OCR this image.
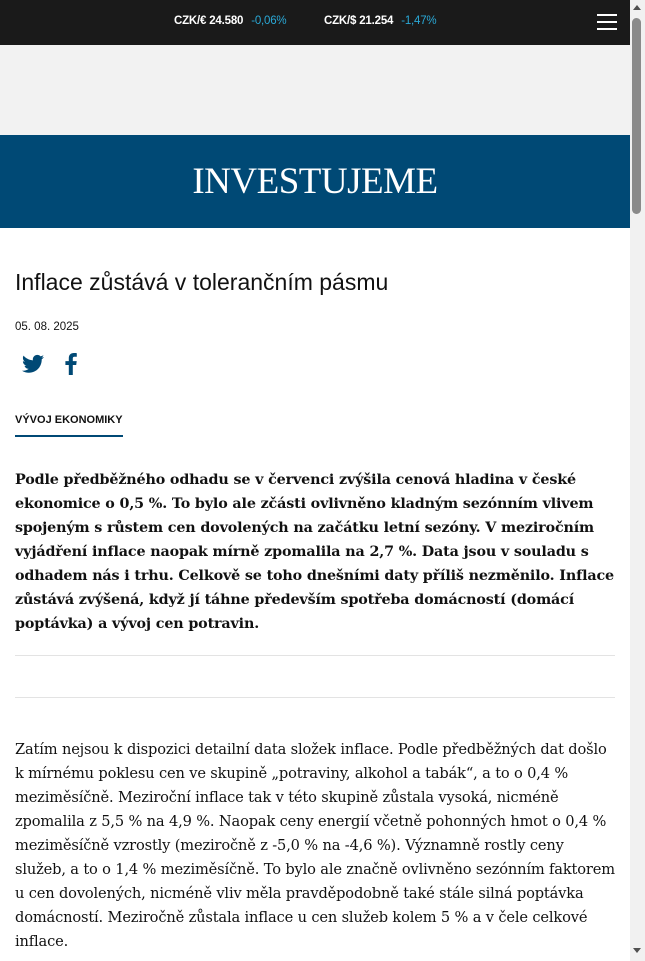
CZK/€ 24.580 -0,06%	CZK/$ 21.254 -1,47%
INVESTUJEME
Inflace zůstává v tolerančním pásmu
05. 08. 2025
VÝVOJ EKONOMIKY

Podle předběžného odhadu se v červenci zvýšila cenová hladina v české ekonomice o 0,5 %. To bylo ale zčásti ovlivněno kladným sezónním vlivem spojeným s růstem cen dovolených na začátku letní sezóny. V meziročním vyjádření inflace naopak mírně zpomalila na 2,7 %. Data jsou v souladu s odhadem nás i trhu. Celkově se toho dnešními daty příliš nezměnilo. Inflace zůstává zvýšená, když jí táhne především spotřeba domácností (domácí poptávka) a vývoj cen potravin.

Zatím nejsou k dispozici detailní data složek inflace. Podle předběžných dat došlo k mírnému poklesu cen ve skupině „potraviny, alkohol a tabák“, a to o 0,4 % meziměsíčně. Meziroční inflace tak v této skupině zůstala vysoká, nicméně zpomalila z 5,5 % na 4,9 %. Naopak ceny energií včetně pohonných hmot o 0,4 % meziměsíčně vzrostly (meziročně z -5,0 % na -4,6 %). Významně rostly ceny služeb, a to o 1,4 % meziměsíčně. To bylo ale značně ovlivněno sezónním faktorem u cen dovolených, nicméně vliv měla pravděpodobně také stále silná poptávka domácností. Meziročně zůstala inflace u cen služeb kolem 5 % a v čele celkové inflace.
